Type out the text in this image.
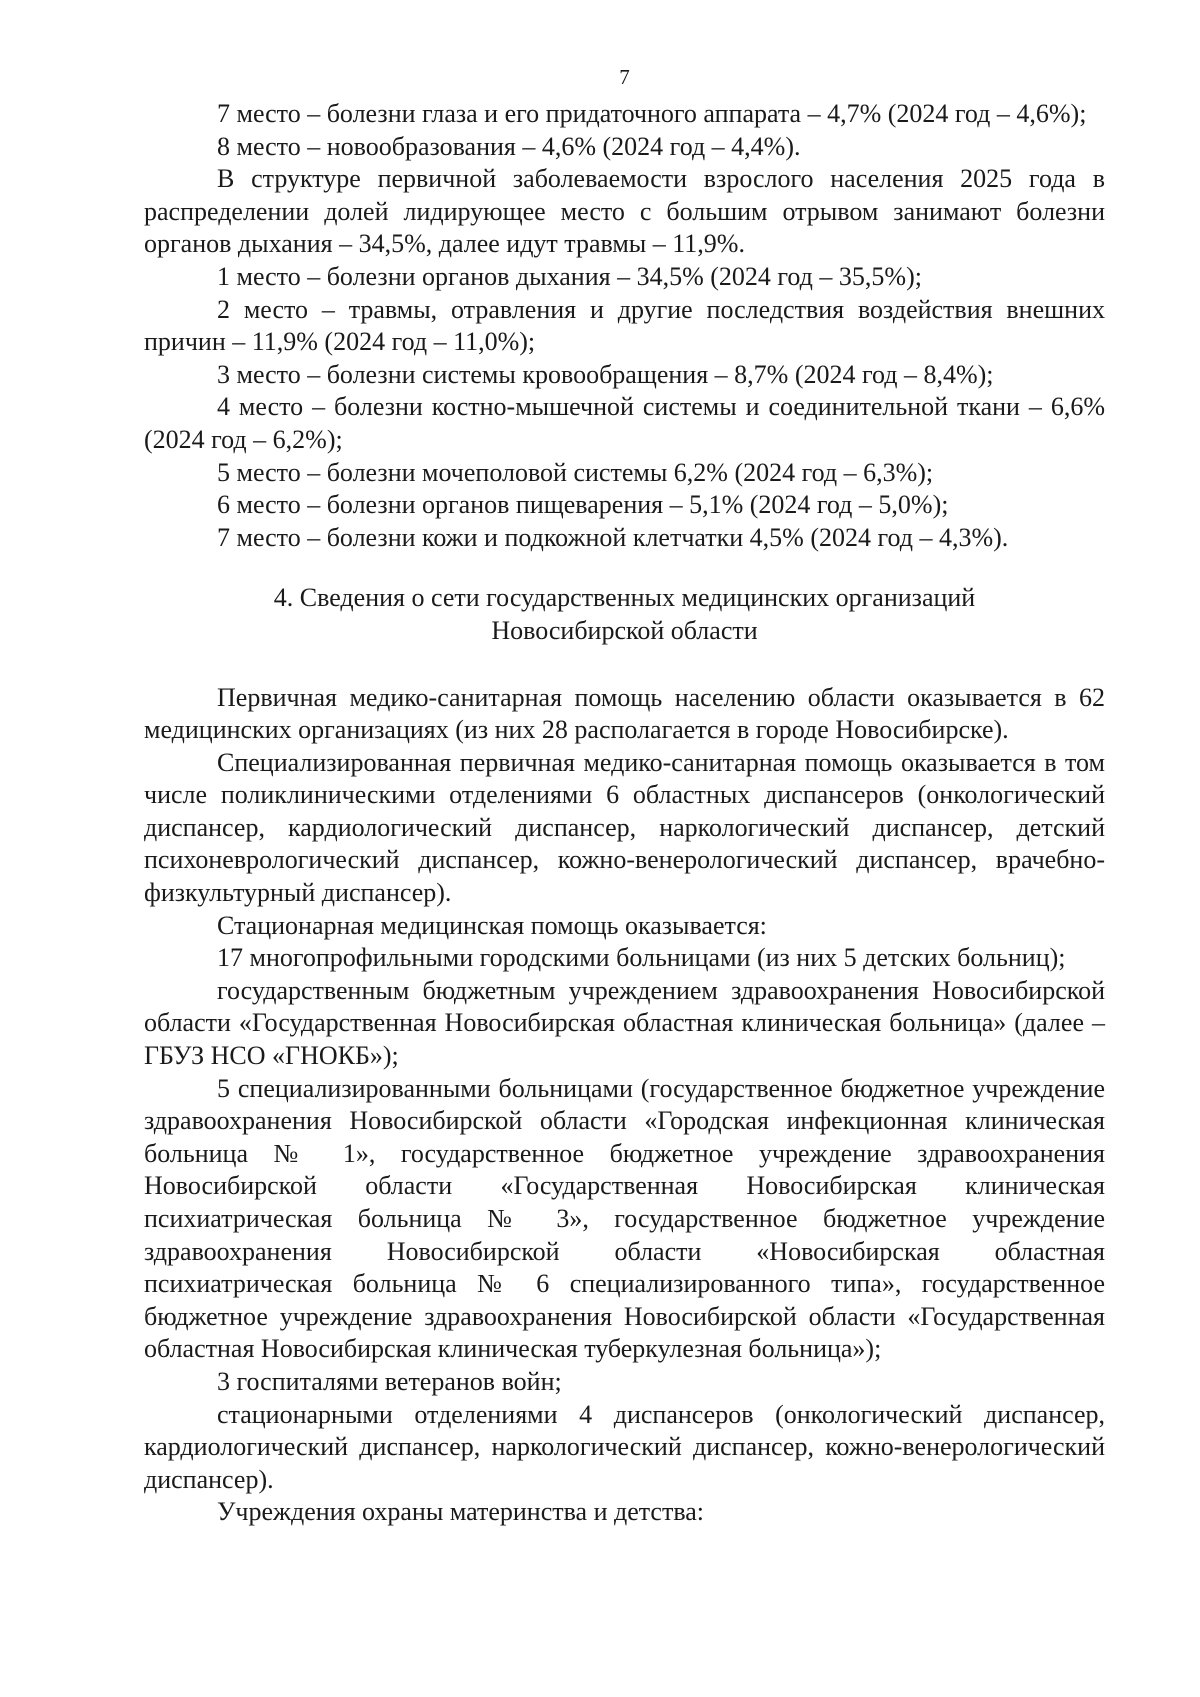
7

7 место – болезни глаза и его придаточного аппарата – 4,7% (2024 год – 4,6%);

8 место – новообразования – 4,6% (2024 год – 4,4%).

В структуре первичной заболеваемости взрослого населения 2025 года в распределении долей лидирующее место с большим отрывом занимают болезни органов дыхания – 34,5%, далее идут травмы – 11,9%.

1 место – болезни органов дыхания – 34,5% (2024 год – 35,5%);

2 место – травмы, отравления и другие последствия воздействия внешних причин – 11,9% (2024 год – 11,0%);

3 место – болезни системы кровообращения – 8,7% (2024 год – 8,4%);

4 место – болезни костно-мышечной системы и соединительной ткани – 6,6% (2024 год – 6,2%);

5 место – болезни мочеполовой системы 6,2% (2024 год – 6,3%);

6 место – болезни органов пищеварения – 5,1% (2024 год – 5,0%);

7 место – болезни кожи и подкожной клетчатки 4,5% (2024 год – 4,3%).

4. Сведения о сети государственных медицинских организаций
Новосибирской области

Первичная медико-санитарная помощь населению области оказывается в 62 медицинских организациях (из них 28 располагается в городе Новосибирске).

Специализированная первичная медико-санитарная помощь оказывается в том числе поликлиническими отделениями 6 областных диспансеров (онкологический диспансер, кардиологический диспансер, наркологический диспансер, детский психоневрологический диспансер, кожно-венерологический диспансер, врачебно-физкультурный диспансер).

Стационарная медицинская помощь оказывается:

17 многопрофильными городскими больницами (из них 5 детских больниц);

государственным бюджетным учреждением здравоохранения Новосибирской области «Государственная Новосибирская областная клиническая больница» (далее – ГБУЗ НСО «ГНОКБ»);

5 специализированными больницами (государственное бюджетное учреждение здравоохранения Новосибирской области «Городская инфекционная клиническая больница № 1», государственное бюджетное учреждение здравоохранения Новосибирской области «Государственная Новосибирская клиническая психиатрическая больница № 3», государственное бюджетное учреждение здравоохранения Новосибирской области «Новосибирская областная психиатрическая больница № 6 специализированного типа», государственное бюджетное учреждение здравоохранения Новосибирской области «Государственная областная Новосибирская клиническая туберкулезная больница»);

3 госпиталями ветеранов войн;

стационарными отделениями 4 диспансеров (онкологический диспансер, кардиологический диспансер, наркологический диспансер, кожно-венерологический диспансер).

Учреждения охраны материнства и детства:
